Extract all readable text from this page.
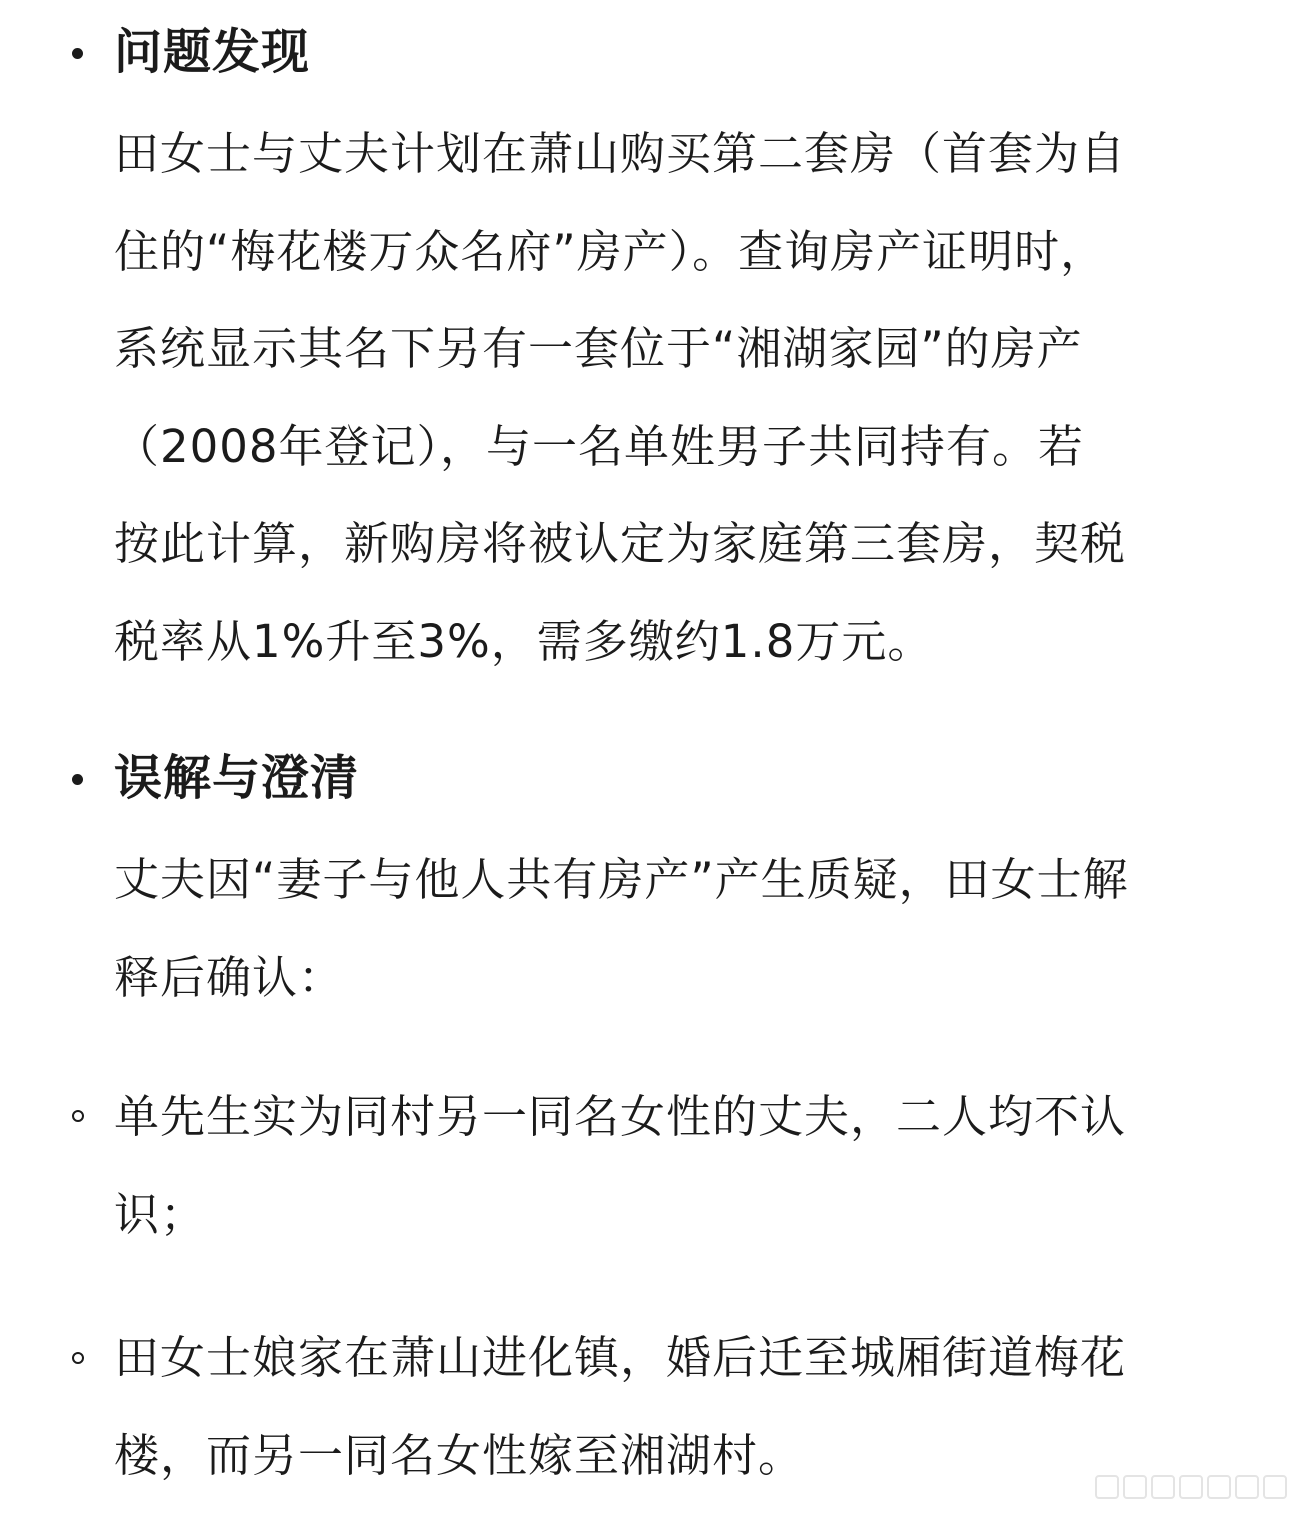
问题发现
田女士与丈夫计划在萧山购买第二套房（首套为自
住的“梅花楼万众名府”房产）。查询房产证明时，
系统显示其名下另有一套位于“湘湖家园”的房产
（2008年登记），与一名单姓男子共同持有。若
按此计算，新购房将被认定为家庭第三套房，契税
税率从1%升至3%，需多缴约1.8万元。
误解与澄清
丈夫因“妻子与他人共有房产”产生质疑，田女士解
释后确认：
单先生实为同村另一同名女性的丈夫，二人均不认
识；
田女士娘家在萧山进化镇，婚后迁至城厢街道梅花
楼，而另一同名女性嫁至湘湖村。
